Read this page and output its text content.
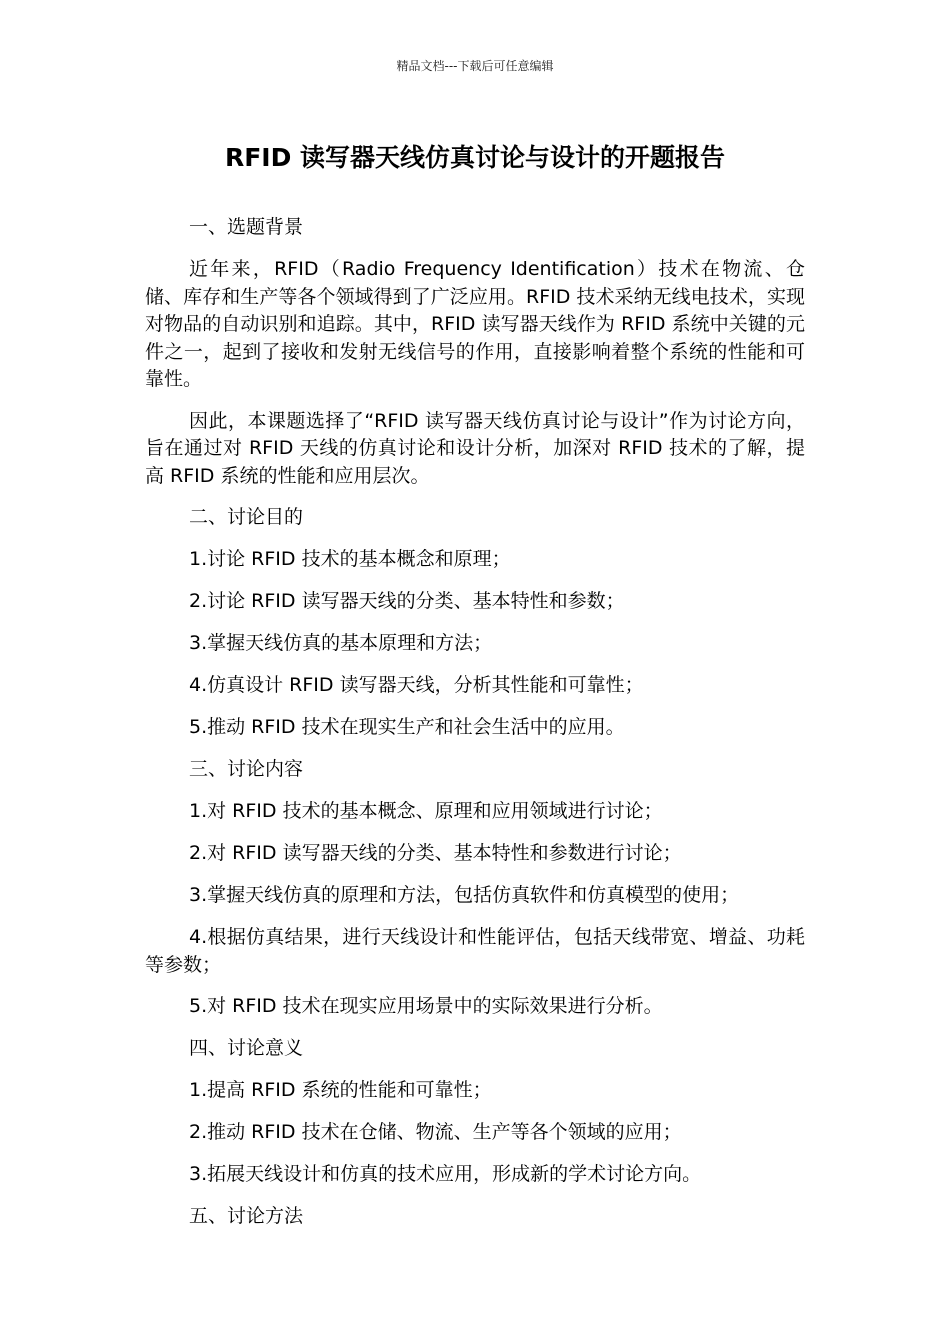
精品文档---下载后可任意编辑
RFID 读写器天线仿真讨论与设计的开题报告

一、选题背景

近年来，RFID（Radio Frequency Identification）技术在物流、仓储、库存和生产等各个领域得到了广泛应用。RFID 技术采纳无线电技术，实现对物品的自动识别和追踪。其中，RFID 读写器天线作为 RFID 系统中关键的元件之一，起到了接收和发射无线信号的作用，直接影响着整个系统的性能和可靠性。

因此，本课题选择了“RFID 读写器天线仿真讨论与设计”作为讨论方向，旨在通过对 RFID 天线的仿真讨论和设计分析，加深对 RFID 技术的了解，提高 RFID 系统的性能和应用层次。

二、讨论目的

1.讨论 RFID 技术的基本概念和原理；

2.讨论 RFID 读写器天线的分类、基本特性和参数；

3.掌握天线仿真的基本原理和方法；

4.仿真设计 RFID 读写器天线，分析其性能和可靠性；

5.推动 RFID 技术在现实生产和社会生活中的应用。

三、讨论内容

1.对 RFID 技术的基本概念、原理和应用领域进行讨论；

2.对 RFID 读写器天线的分类、基本特性和参数进行讨论；

3.掌握天线仿真的原理和方法，包括仿真软件和仿真模型的使用；

4.根据仿真结果，进行天线设计和性能评估，包括天线带宽、增益、功耗等参数；

5.对 RFID 技术在现实应用场景中的实际效果进行分析。

四、讨论意义

1.提高 RFID 系统的性能和可靠性；

2.推动 RFID 技术在仓储、物流、生产等各个领域的应用；

3.拓展天线设计和仿真的技术应用，形成新的学术讨论方向。

五、讨论方法
